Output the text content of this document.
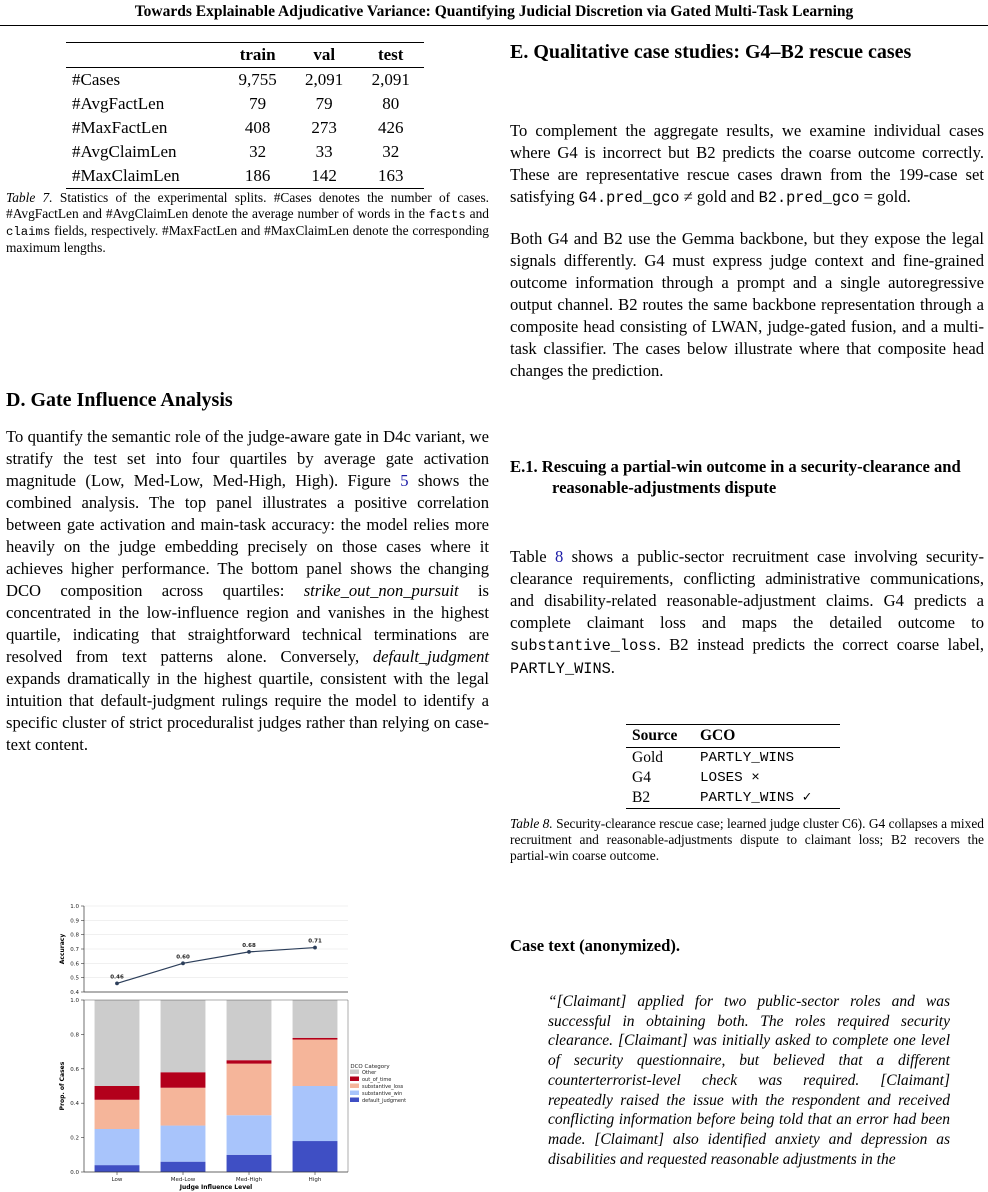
Towards Explainable Adjudicative Variance: Quantifying Judicial Discretion via Gated Multi-Task Learning
	train	val	test
#Cases	9,755	2,091	2,091
#AvgFactLen	79	79	80
#MaxFactLen	408	273	426
#AvgClaimLen	32	33	32
#MaxClaimLen	186	142	163
Table 7. Statistics of the experimental splits. #Cases denotes the number of cases. #AvgFactLen and #AvgClaimLen denote the average number of words in the facts and claims fields, respectively. #MaxFactLen and #MaxClaimLen denote the corresponding maximum lengths.
D. Gate Influence Analysis

To quantify the semantic role of the judge-aware gate in D4c variant, we stratify the test set into four quartiles by average gate activation magnitude (Low, Med-Low, Med-High, High). Figure 5 shows the combined analysis. The top panel illustrates a positive correlation between gate activation and main-task accuracy: the model relies more heavily on the judge embedding precisely on those cases where it achieves higher performance. The bottom panel shows the changing DCO composition across quartiles: strike_out_non_pursuit is concentrated in the low-influence region and vanishes in the highest quartile, indicating that straightforward technical terminations are resolved from text patterns alone. Conversely, default_judgment expands dramatically in the highest quartile, consistent with the legal intuition that default-judgment rulings require the model to identify a specific cluster of strict proceduralist judges rather than relying on case-text content.

0.4
0.5
0.6
0.7
0.8
0.9
1.0
Accuracy
0.46
0.60
0.68
0.71
0.0
0.2
0.4
0.6
0.8
1.0
Low	Med-Low	Med-High	High
Prop. of Cases
Judge Influence Level
DCO Category
Other
out_of_time
substantive_loss
substantive_win
default_judgment
E. Qualitative case studies: G4–B2 rescue cases

To complement the aggregate results, we examine individual cases where G4 is incorrect but B2 predicts the coarse outcome correctly. These are representative rescue cases drawn from the 199-case set satisfying G4.pred_gco ≠ gold and B2.pred_gco = gold.

Both G4 and B2 use the Gemma backbone, but they expose the legal signals differently. G4 must express judge context and fine-grained outcome information through a prompt and a single autoregressive output channel. B2 routes the same backbone representation through a composite head consisting of LWAN, judge-gated fusion, and a multi-task classifier. The cases below illustrate where that composite head changes the prediction.

E.1. Rescuing a partial-win outcome in a security-clearance and reasonable-adjustments dispute

Table 8 shows a public-sector recruitment case involving security-clearance requirements, conflicting administrative communications, and disability-related reasonable-adjustment claims. G4 predicts a complete claimant loss and maps the detailed outcome to substantive_loss. B2 instead predicts the correct coarse label, PARTLY_WINS.

Source	GCO
Gold	PARTLY_WINS
G4	LOSES ×
B2	PARTLY_WINS ✓
Table 8. Security-clearance rescue case; learned judge cluster C6). G4 collapses a mixed recruitment and reasonable-adjustments dispute to claimant loss; B2 recovers the partial-win coarse outcome.
Case text (anonymized).
“[Claimant] applied for two public-sector roles and was successful in obtaining both. The roles required security clearance. [Claimant] was initially asked to complete one level of security questionnaire, but believed that a different counterterrorist-level check was required. [Claimant] repeatedly raised the issue with the respondent and received conflicting information before being told that an error had been made. [Claimant] also identified anxiety and depression as disabilities and requested reasonable adjustments in the
